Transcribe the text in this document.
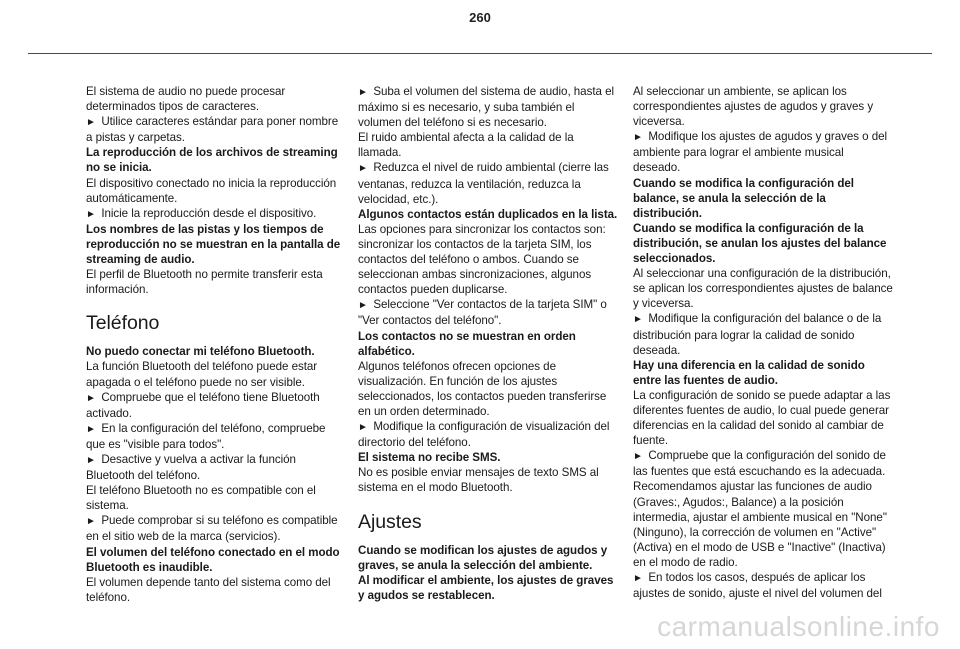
260

El sistema de audio no puede procesar determinados tipos de caracteres.

►  Utilice caracteres estándar para poner nombre a pistas y carpetas.

La reproducción de los archivos de streaming no se inicia.

El dispositivo conectado no inicia la reproducción automáticamente.

►  Inicie la reproducción desde el dispositivo.

Los nombres de las pistas y los tiempos de reproducción no se muestran en la pantalla de streaming de audio.

El perfil de Bluetooth no permite transferir esta información.

Teléfono

No puedo conectar mi teléfono Bluetooth.

La función Bluetooth del teléfono puede estar apagada o el teléfono puede no ser visible.

►  Compruebe que el teléfono tiene Bluetooth activado.

►  En la configuración del teléfono, compruebe que es "visible para todos".

►  Desactive y vuelva a activar la función Bluetooth del teléfono.

El teléfono Bluetooth no es compatible con el sistema.

►  Puede comprobar si su teléfono es compatible en el sitio web de la marca (servicios).

El volumen del teléfono conectado en el modo Bluetooth es inaudible.

El volumen depende tanto del sistema como del teléfono.

►  Suba el volumen del sistema de audio, hasta el máximo si es necesario, y suba también el volumen del teléfono si es necesario.

El ruido ambiental afecta a la calidad de la llamada.

►  Reduzca el nivel de ruido ambiental (cierre las ventanas, reduzca la ventilación, reduzca la velocidad, etc.).

Algunos contactos están duplicados en la lista.

Las opciones para sincronizar los contactos son: sincronizar los contactos de la tarjeta SIM, los contactos del teléfono o ambos. Cuando se seleccionan ambas sincronizaciones, algunos contactos pueden duplicarse.

►  Seleccione "Ver contactos de la tarjeta SIM" o "Ver contactos del teléfono".

Los contactos no se muestran en orden alfabético.

Algunos teléfonos ofrecen opciones de visualización. En función de los ajustes seleccionados, los contactos pueden transferirse en un orden determinado.

►  Modifique la configuración de visualización del directorio del teléfono.

El sistema no recibe SMS.

No es posible enviar mensajes de texto SMS al sistema en el modo Bluetooth.

Ajustes

Cuando se modifican los ajustes de agudos y graves, se anula la selección del ambiente.

Al modificar el ambiente, los ajustes de graves y agudos se restablecen.

Al seleccionar un ambiente, se aplican los correspondientes ajustes de agudos y graves y viceversa.

►  Modifique los ajustes de agudos y graves o del ambiente para lograr el ambiente musical deseado.

Cuando se modifica la configuración del balance, se anula la selección de la distribución.

Cuando se modifica la configuración de la distribución, se anulan los ajustes del balance seleccionados.

Al seleccionar una configuración de la distribución, se aplican los correspondientes ajustes de balance y viceversa.

►  Modifique la configuración del balance o de la distribución para lograr la calidad de sonido deseada.

Hay una diferencia en la calidad de sonido entre las fuentes de audio.

La configuración de sonido se puede adaptar a las diferentes fuentes de audio, lo cual puede generar diferencias en la calidad del sonido al cambiar de fuente.

►  Compruebe que la configuración del sonido de las fuentes que está escuchando es la adecuada. Recomendamos ajustar las funciones de audio (Graves:, Agudos:, Balance) a la posición intermedia, ajustar el ambiente musical en "None" (Ninguno), la corrección de volumen en "Active" (Activa) en el modo de USB e "Inactive" (Inactiva) en el modo de radio.

►  En todos los casos, después de aplicar los ajustes de sonido, ajuste el nivel del volumen del

carmanualsonline.info
